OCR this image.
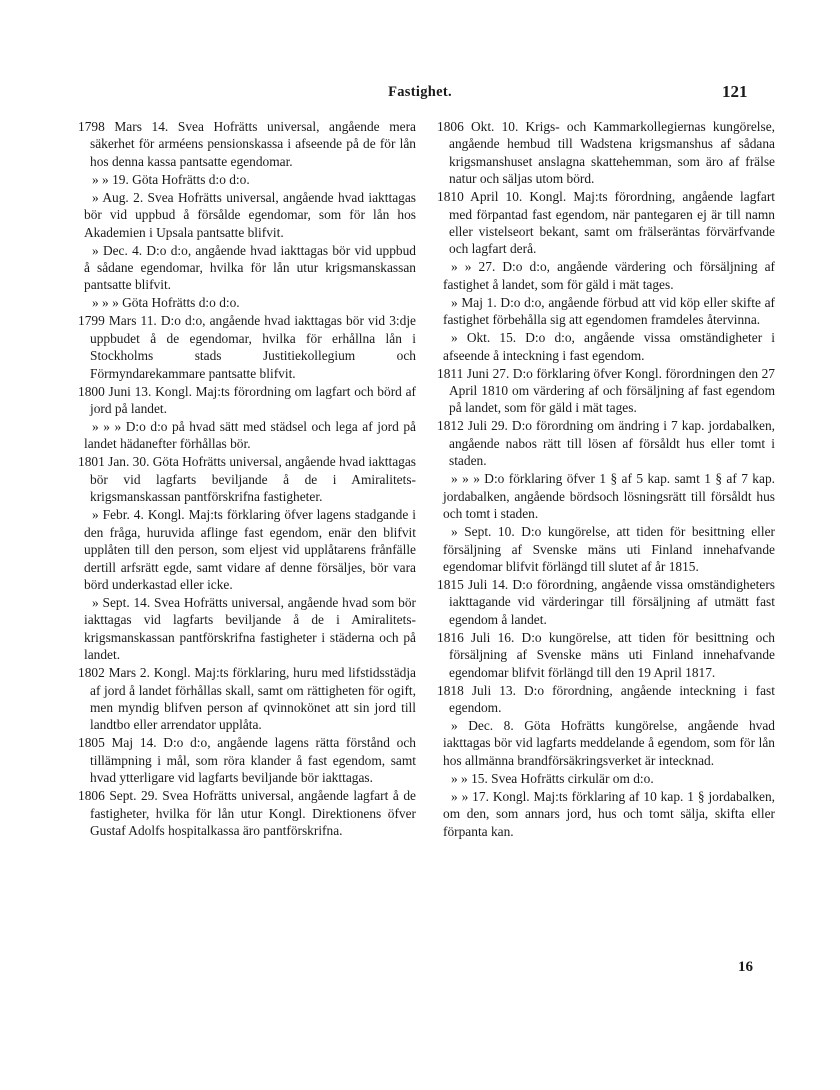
Fastighet.	121
1798 Mars 14. Svea Hofrätts universal, angående mera säkerhet för arméens pensionskassa i afseende på de för lån hos denna kassa pantsatte egendomar.
» » 19. Göta Hofrätts d:o d:o.
» Aug. 2. Svea Hofrätts universal, angående hvad iakttagas bör vid uppbud å försålde egendomar, som för lån hos Akademien i Upsala pantsatte blifvit.
» Dec. 4. D:o d:o, angående hvad iakttagas bör vid uppbud å sådane egendomar, hvilka för lån utur krigsmanskassan pantsatte blifvit.
» » » Göta Hofrätts d:o d:o.
1799 Mars 11. D:o d:o, angående hvad iakttagas bör vid 3:dje uppbudet å de egendomar, hvilka för erhållna lån i Stockholms stads Justitiekollegium och Förmyndarekammare pantsatte blifvit.
1800 Juni 13. Kongl. Maj:ts förordning om lagfart och börd af jord på landet.
» » » D:o d:o på hvad sätt med städsel och lega af jord på landet hädanefter förhållas bör.
1801 Jan. 30. Göta Hofrätts universal, angående hvad iakttagas bör vid lagfarts beviljande å de i Amiralitets-krigsmanskassan pantförskrifna fastigheter.
» Febr. 4. Kongl. Maj:ts förklaring öfver lagens stadgande i den fråga, huruvida aflinge fast egendom, enär den blifvit upplåten till den person, som eljest vid upplåtarens frånfälle dertill arfsrätt egde, samt vidare af denne försäljes, bör vara börd underkastad eller icke.
» Sept. 14. Svea Hofrätts universal, angående hvad som bör iakttagas vid lagfarts beviljande å de i Amiralitets-krigsmanskassan pantförskrifna fastigheter i städerna och på landet.
1802 Mars 2. Kongl. Maj:ts förklaring, huru med lifstidsstädja af jord å landet förhållas skall, samt om rättigheten för ogift, men myndig blifven person af qvinnokönet att sin jord till landtbo eller arrendator upplåta.
1805 Maj 14. D:o d:o, angående lagens rätta förstånd och tillämpning i mål, som röra klander å fast egendom, samt hvad ytterligare vid lagfarts beviljande bör iakttagas.
1806 Sept. 29. Svea Hofrätts universal, angående lagfart å de fastigheter, hvilka för lån utur Kongl. Direktionens öfver Gustaf Adolfs hospitalkassa äro pantförskrifna.
1806 Okt. 10. Krigs- och Kammarkollegiernas kungörelse, angående hembud till Wadstena krigsmanshus af sådana krigsmanshuset anslagna skattehemman, som äro af frälse natur och säljas utom börd.
1810 April 10. Kongl. Maj:ts förordning, angående lagfart med förpantad fast egendom, när pantegaren ej är till namn eller vistelseort bekant, samt om frälseräntas förvärfvande och lagfart derå.
» » 27. D:o d:o, angående värdering och försäljning af fastighet å landet, som för gäld i mät tages.
» Maj 1. D:o d:o, angående förbud att vid köp eller skifte af fastighet förbehålla sig att egendomen framdeles återvinna.
» Okt. 15. D:o d:o, angående vissa omständigheter i afseende å inteckning i fast egendom.
1811 Juni 27. D:o förklaring öfver Kongl. förordningen den 27 April 1810 om värdering af och försäljning af fast egendom på landet, som för gäld i mät tages.
1812 Juli 29. D:o förordning om ändring i 7 kap. jordabalken, angående nabos rätt till lösen af försåldt hus eller tomt i staden.
» » » D:o förklaring öfver 1 § af 5 kap. samt 1 § af 7 kap. jordabalken, angående bördsoch lösningsrätt till försåldt hus och tomt i staden.
» Sept. 10. D:o kungörelse, att tiden för besittning eller försäljning af Svenske mäns uti Finland innehafvande egendomar blifvit förlängd till slutet af år 1815.
1815 Juli 14. D:o förordning, angående vissa omständigheters iakttagande vid värderingar till försäljning af utmätt fast egendom å landet.
1816 Juli 16. D:o kungörelse, att tiden för besittning och försäljning af Svenske mäns uti Finland innehafvande egendomar blifvit förlängd till den 19 April 1817.
1818 Juli 13. D:o förordning, angående inteckning i fast egendom.
» Dec. 8. Göta Hofrätts kungörelse, angående hvad iakttagas bör vid lagfarts meddelande å egendom, som för lån hos allmänna brandförsäkringsverket är intecknad.
» » 15. Svea Hofrätts cirkulär om d:o.
» » 17. Kongl. Maj:ts förklaring af 10 kap. 1 § jordabalken, om den, som annars jord, hus och tomt sälja, skifta eller förpanta kan.
16
